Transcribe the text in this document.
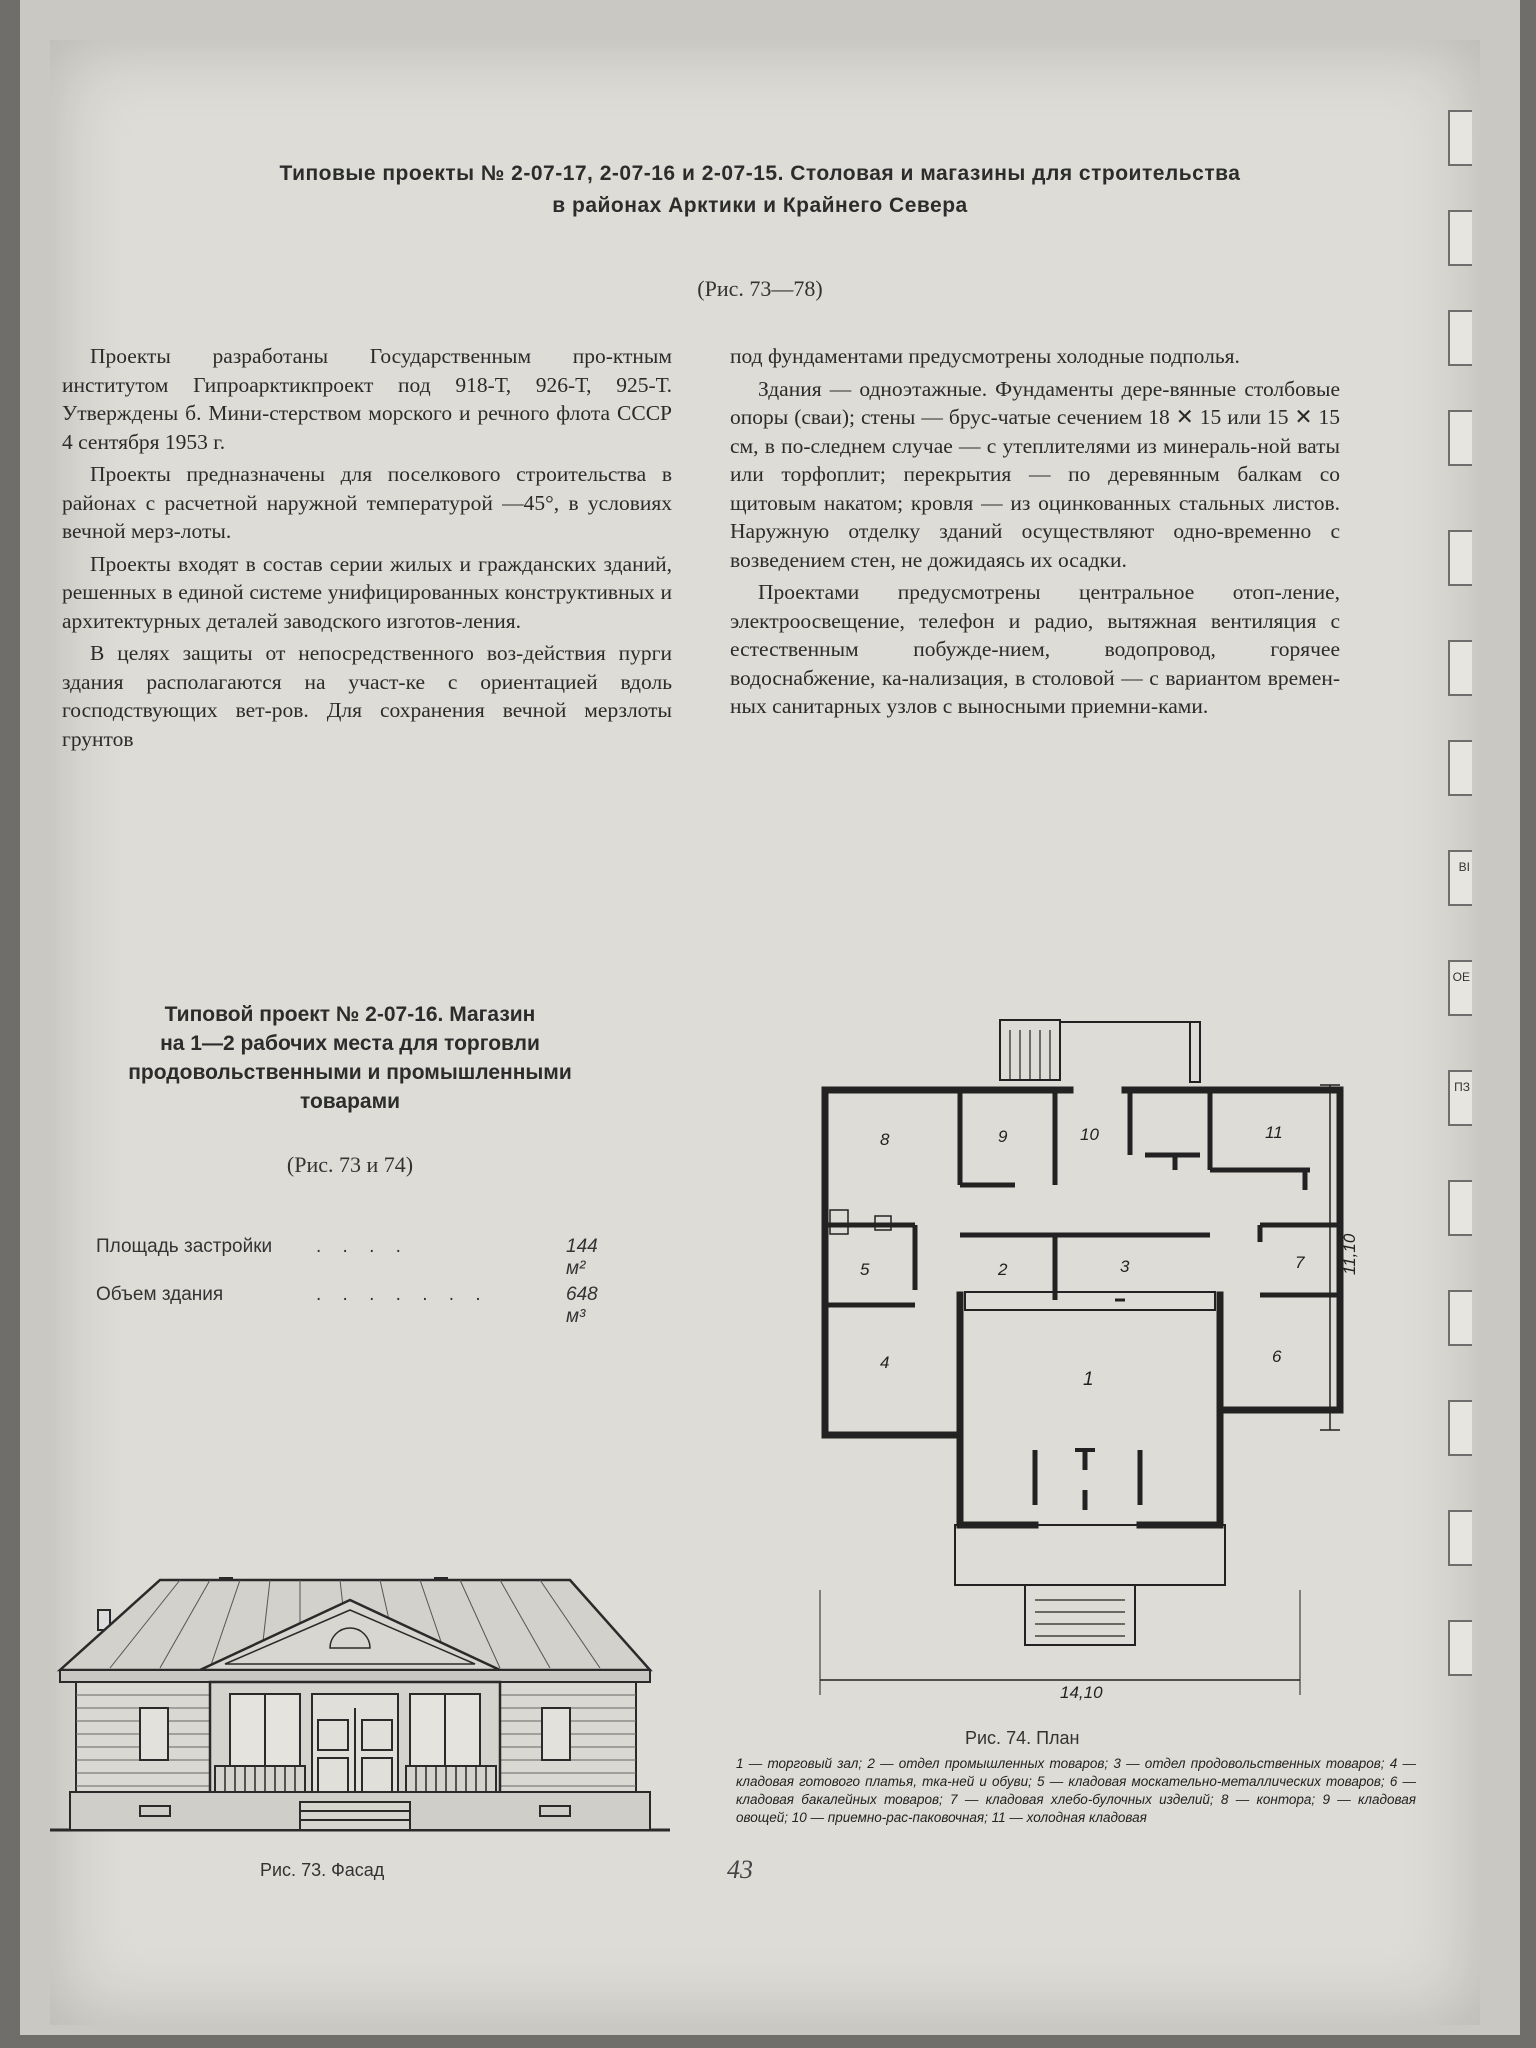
Типовые проекты № 2-07-17, 2-07-16 и 2-07-15. Столовая и магазины для строительства
в районах Арктики и Крайнего Севера
(Рис. 73—78)

Проекты разработаны Государственным про-ктным институтом Гипроарктикпроект под 918-Т, 926-Т, 925-Т. Утверждены б. Мини-стерством морского и речного флота СССР 4 сентября 1953 г.

Проекты предназначены для поселкового строительства в районах с расчетной наружной температурой —45°, в условиях вечной мерз-лоты.

Проекты входят в состав серии жилых и гражданских зданий, решенных в единой системе унифицированных конструктивных и архитектурных деталей заводского изготов-ления.

В целях защиты от непосредственного воз-действия пурги здания располагаются на участ-ке с ориентацией вдоль господствующих вет-ров. Для сохранения вечной мерзлоты грунтов

под фундаментами предусмотрены холодные подполья.

Здания — одноэтажные. Фундаменты дере-вянные столбовые опоры (сваи); стены — брус-чатые сечением 18 ✕ 15 или 15 ✕ 15 см, в по-следнем случае — с утеплителями из минераль-ной ваты или торфоплит; перекрытия — по деревянным балкам со щитовым накатом; кровля — из оцинкованных стальных листов. Наружную отделку зданий осуществляют одно-временно с возведением стен, не дожидаясь их осадки.

Проектами предусмотрены центральное отоп-ление, электроосвещение, телефон и радио, вытяжная вентиляция с естественным побужде-нием, водопровод, горячее водоснабжение, ка-нализация, в столовой — с вариантом времен-ных санитарных узлов с выносными приемни-ками.

Типовой проект № 2-07-16. Магазин
на 1—2 рабочих места для торговли
продовольственными и промышленными
товарами
(Рис. 73 и 74)
Площадь застройки . . . .	144 м²
Объем здания	. . . . . . .	648 м³
Рис. 73. Фасад
8	9	10	11
5	2	3	7
4
1
6
14,10
11,10
Рис. 74. План
1 — торговый зал; 2 — отдел промышленных товаров; 3 — отдел продовольственных товаров; 4 — кладовая готового платья, тка-ней и обуви; 5 — кладовая москательно-металлических товаров; 6 — кладовая бакалейных товаров; 7 — кладовая хлебо-булочных изделий; 8 — контора; 9 — кладовая овощей; 10 — приемно-рас-паковочная; 11 — холодная кладовая
43
ВІ
ОЕ
ПЗ
